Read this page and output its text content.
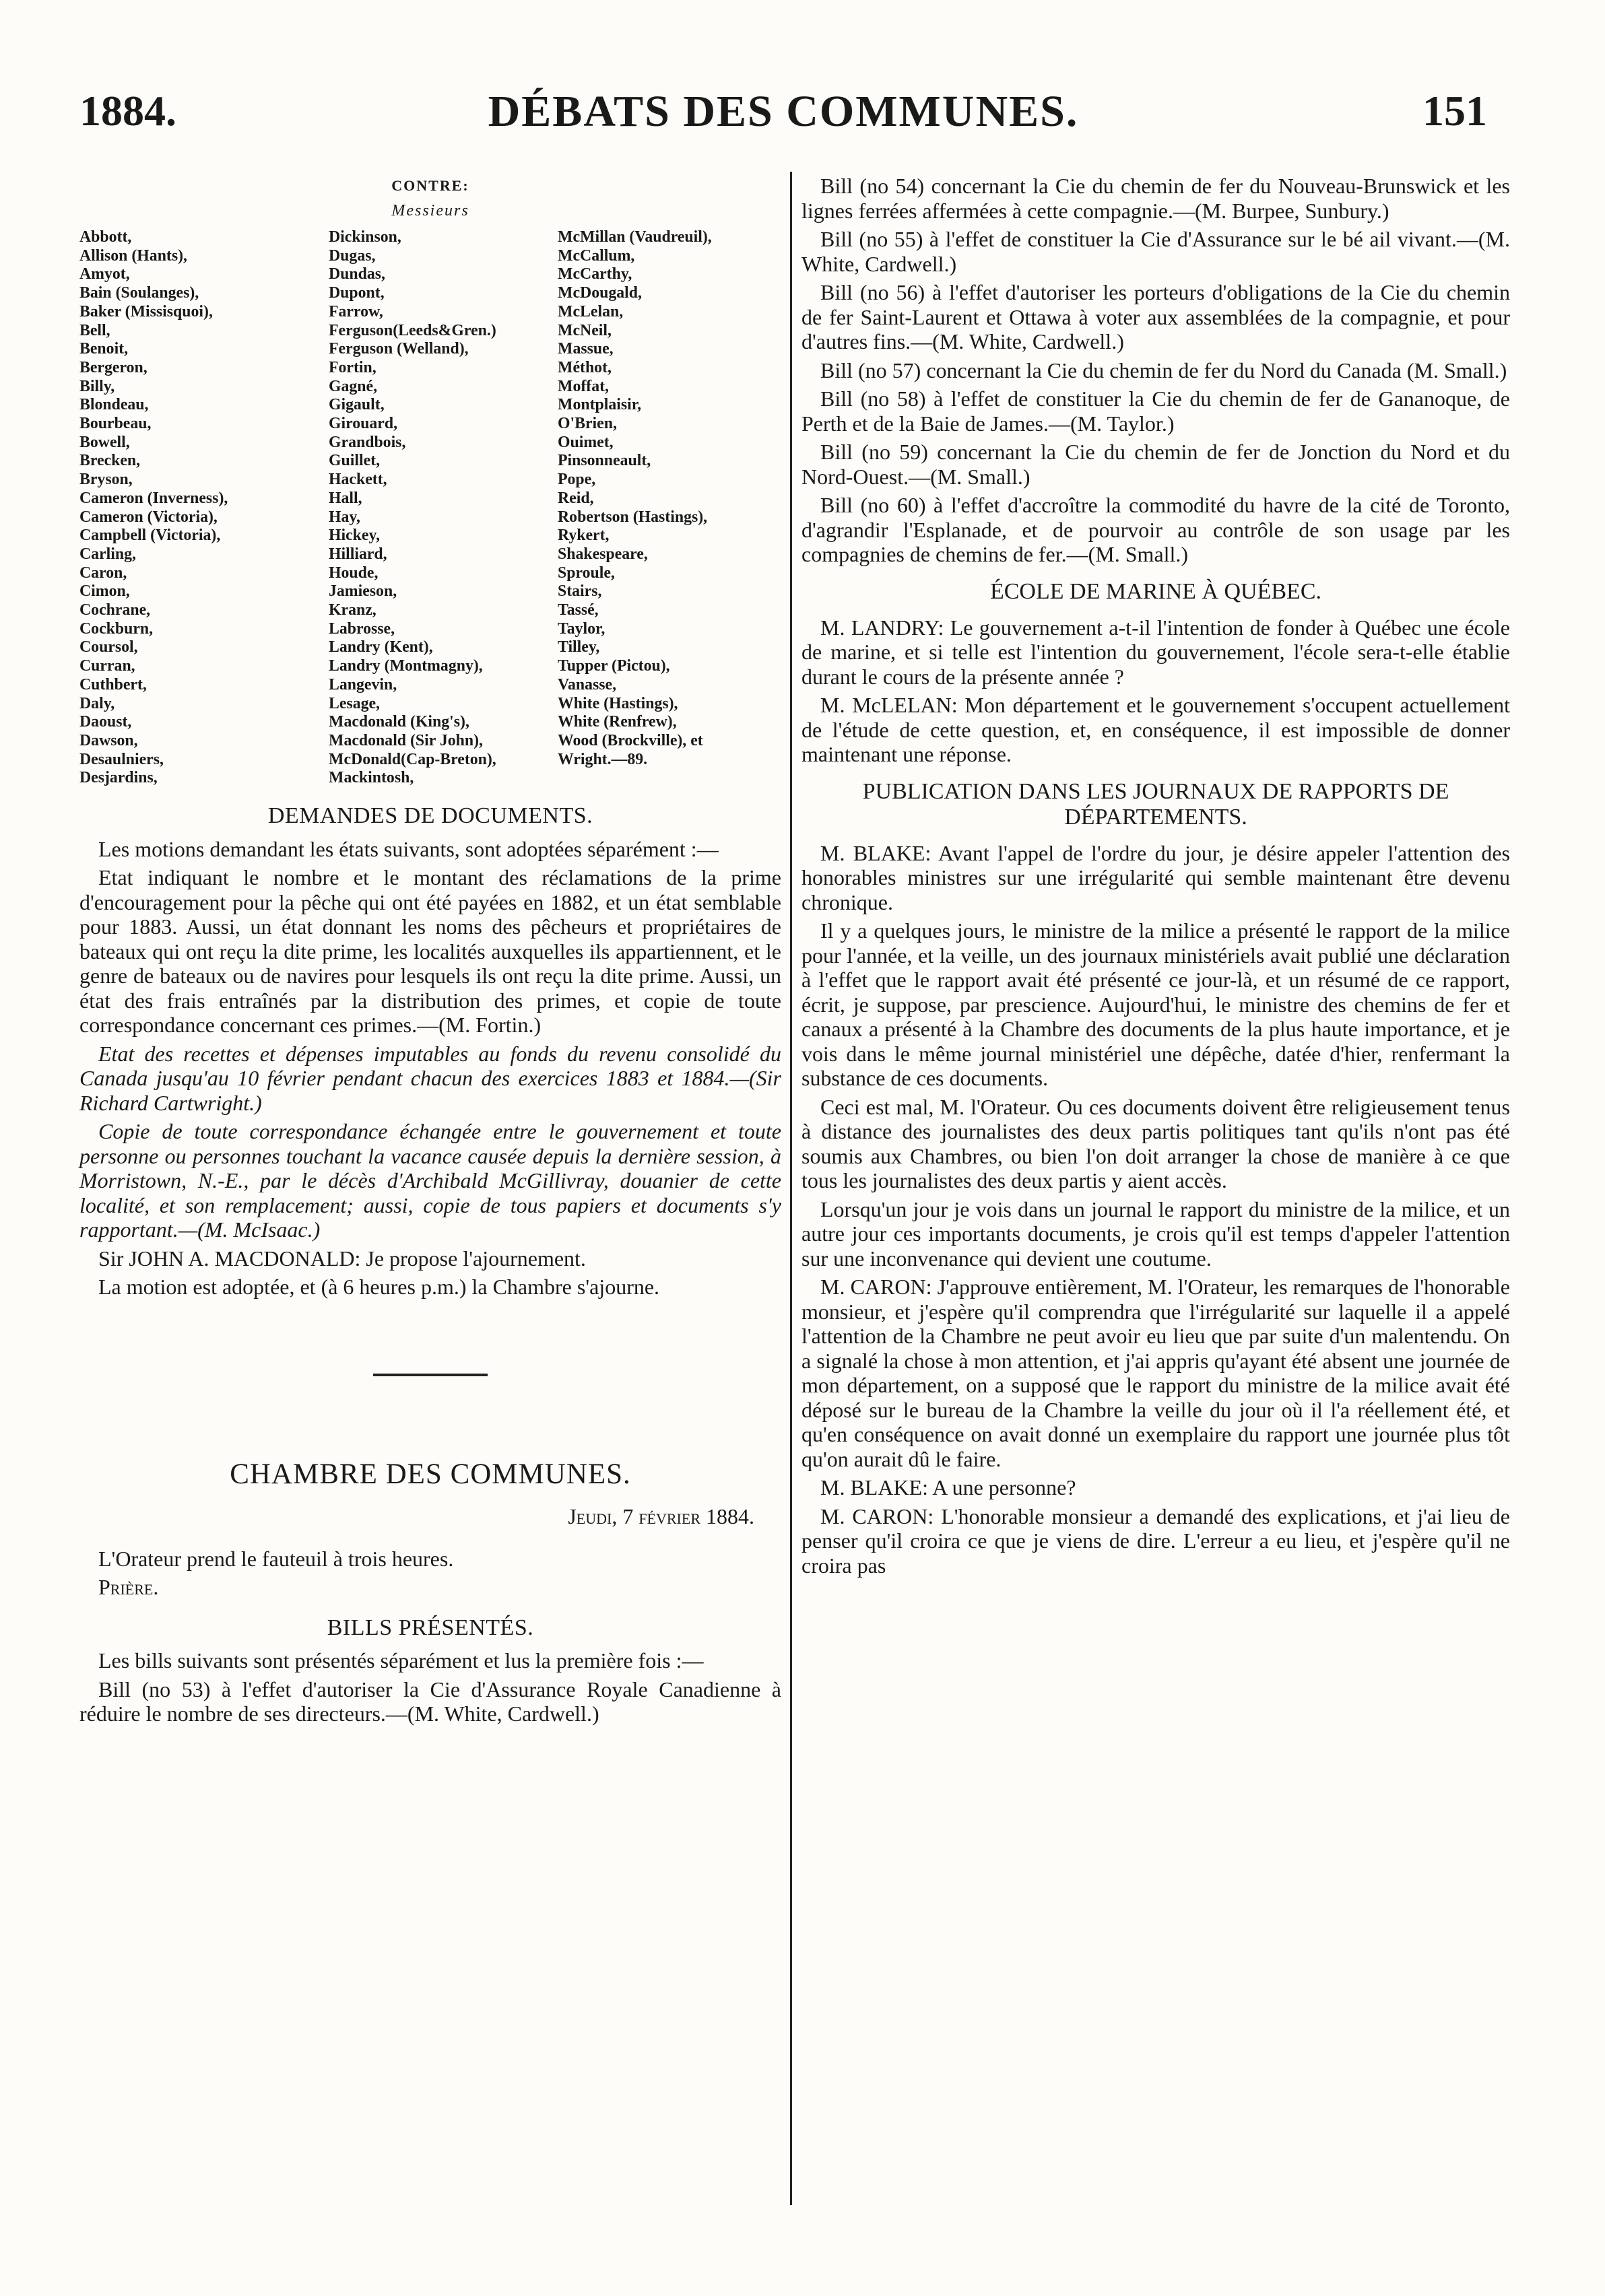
1884.	DÉBATS DES COMMUNES.	151

CONTRE:

Messieurs

Abbott,	Dickinson,	McMillan (Vaudreuil),
Allison (Hants),	Dugas,	McCallum,
Amyot,	Dundas,	McCarthy,
Bain (Soulanges),	Dupont,	McDougald,
Baker (Missisquoi),	Farrow,	McLelan,
Bell,	Ferguson(Leeds&Gren.)	McNeil,
Benoit,	Ferguson (Welland),	Massue,
Bergeron,	Fortin,	Méthot,
Billy,	Gagné,	Moffat,
Blondeau,	Gigault,	Montplaisir,
Bourbeau,	Girouard,	O'Brien,
Bowell,	Grandbois,	Ouimet,
Brecken,	Guillet,	Pinsonneault,
Bryson,	Hackett,	Pope,
Cameron (Inverness),	Hall,	Reid,
Cameron (Victoria),	Hay,	Robertson (Hastings),
Campbell (Victoria),	Hickey,	Rykert,
Carling,	Hilliard,	Shakespeare,
Caron,	Houde,	Sproule,
Cimon,	Jamieson,	Stairs,
Cochrane,	Kranz,	Tassé,
Cockburn,	Labrosse,	Taylor,
Coursol,	Landry (Kent),	Tilley,
Curran,	Landry (Montmagny),	Tupper (Pictou),
Cuthbert,	Langevin,	Vanasse,
Daly,	Lesage,	White (Hastings),
Daoust,	Macdonald (King's),	White (Renfrew),
Dawson,	Macdonald (Sir John),	Wood (Brockville), et
Desaulniers,	McDonald(Cap-Breton),	Wright.—89.
Desjardins,	Mackintosh,
DEMANDES DE DOCUMENTS.

Les motions demandant les états suivants, sont adoptées séparément :—

Etat indiquant le nombre et le montant des réclamations de la prime d'encouragement pour la pêche qui ont été payées en 1882, et un état semblable pour 1883. Aussi, un état donnant les noms des pêcheurs et propriétaires de bateaux qui ont reçu la dite prime, les localités auxquelles ils appartiennent, et le genre de bateaux ou de navires pour lesquels ils ont reçu la dite prime. Aussi, un état des frais entraînés par la distribution des primes, et copie de toute correspondance concernant ces primes.—(M. Fortin.)

Etat des recettes et dépenses imputables au fonds du revenu consolidé du Canada jusqu'au 10 février pendant chacun des exercices 1883 et 1884.—(Sir Richard Cartwright.)

Copie de toute correspondance échangée entre le gouvernement et toute personne ou personnes touchant la vacance causée depuis la dernière session, à Morristown, N.-E., par le décès d'Archibald McGillivray, douanier de cette localité, et son remplacement; aussi, copie de tous papiers et documents s'y rapportant.—(M. McIsaac.)

Sir JOHN A. MACDONALD: Je propose l'ajournement.

La motion est adoptée, et (à 6 heures p.m.) la Chambre s'ajourne.

CHAMBRE DES COMMUNES.
Jeudi, 7 février 1884.

L'Orateur prend le fauteuil à trois heures.

Prière.

BILLS PRÉSENTÉS.

Les bills suivants sont présentés séparément et lus la première fois :—

Bill (no 53) à l'effet d'autoriser la Cie d'Assurance Royale Canadienne à réduire le nombre de ses directeurs.—(M. White, Cardwell.)

Bill (no 54) concernant la Cie du chemin de fer du Nouveau-Brunswick et les lignes ferrées affermées à cette compagnie.—(M. Burpee, Sunbury.)

Bill (no 55) à l'effet de constituer la Cie d'Assurance sur le bé ail vivant.—(M. White, Cardwell.)

Bill (no 56) à l'effet d'autoriser les porteurs d'obligations de la Cie du chemin de fer Saint-Laurent et Ottawa à voter aux assemblées de la compagnie, et pour d'autres fins.—(M. White, Cardwell.)

Bill (no 57) concernant la Cie du chemin de fer du Nord du Canada (M. Small.)

Bill (no 58) à l'effet de constituer la Cie du chemin de fer de Gananoque, de Perth et de la Baie de James.—(M. Taylor.)

Bill (no 59) concernant la Cie du chemin de fer de Jonction du Nord et du Nord-Ouest.—(M. Small.)

Bill (no 60) à l'effet d'accroître la commodité du havre de la cité de Toronto, d'agrandir l'Esplanade, et de pourvoir au contrôle de son usage par les compagnies de chemins de fer.—(M. Small.)

ÉCOLE DE MARINE À QUÉBEC.

M. LANDRY: Le gouvernement a-t-il l'intention de fonder à Québec une école de marine, et si telle est l'intention du gouvernement, l'école sera-t-elle établie durant le cours de la présente année ?

M. McLELAN: Mon département et le gouvernement s'occupent actuellement de l'étude de cette question, et, en conséquence, il est impossible de donner maintenant une réponse.

PUBLICATION DANS LES JOURNAUX DE RAPPORTS DE DÉPARTEMENTS.

M. BLAKE: Avant l'appel de l'ordre du jour, je désire appeler l'attention des honorables ministres sur une irrégularité qui semble maintenant être devenu chronique.

Il y a quelques jours, le ministre de la milice a présenté le rapport de la milice pour l'année, et la veille, un des journaux ministériels avait publié une déclaration à l'effet que le rapport avait été présenté ce jour-là, et un résumé de ce rapport, écrit, je suppose, par prescience. Aujourd'hui, le ministre des chemins de fer et canaux a présenté à la Chambre des documents de la plus haute importance, et je vois dans le même journal ministériel une dépêche, datée d'hier, renfermant la substance de ces documents.

Ceci est mal, M. l'Orateur. Ou ces documents doivent être religieusement tenus à distance des journalistes des deux partis politiques tant qu'ils n'ont pas été soumis aux Chambres, ou bien l'on doit arranger la chose de manière à ce que tous les journalistes des deux partis y aient accès.

Lorsqu'un jour je vois dans un journal le rapport du ministre de la milice, et un autre jour ces importants documents, je crois qu'il est temps d'appeler l'attention sur une inconvenance qui devient une coutume.

M. CARON: J'approuve entièrement, M. l'Orateur, les remarques de l'honorable monsieur, et j'espère qu'il comprendra que l'irrégularité sur laquelle il a appelé l'attention de la Chambre ne peut avoir eu lieu que par suite d'un malentendu. On a signalé la chose à mon attention, et j'ai appris qu'ayant été absent une journée de mon département, on a supposé que le rapport du ministre de la milice avait été déposé sur le bureau de la Chambre la veille du jour où il l'a réellement été, et qu'en conséquence on avait donné un exemplaire du rapport une journée plus tôt qu'on aurait dû le faire.

M. BLAKE: A une personne?

M. CARON: L'honorable monsieur a demandé des explications, et j'ai lieu de penser qu'il croira ce que je viens de dire. L'erreur a eu lieu, et j'espère qu'il ne croira pas
